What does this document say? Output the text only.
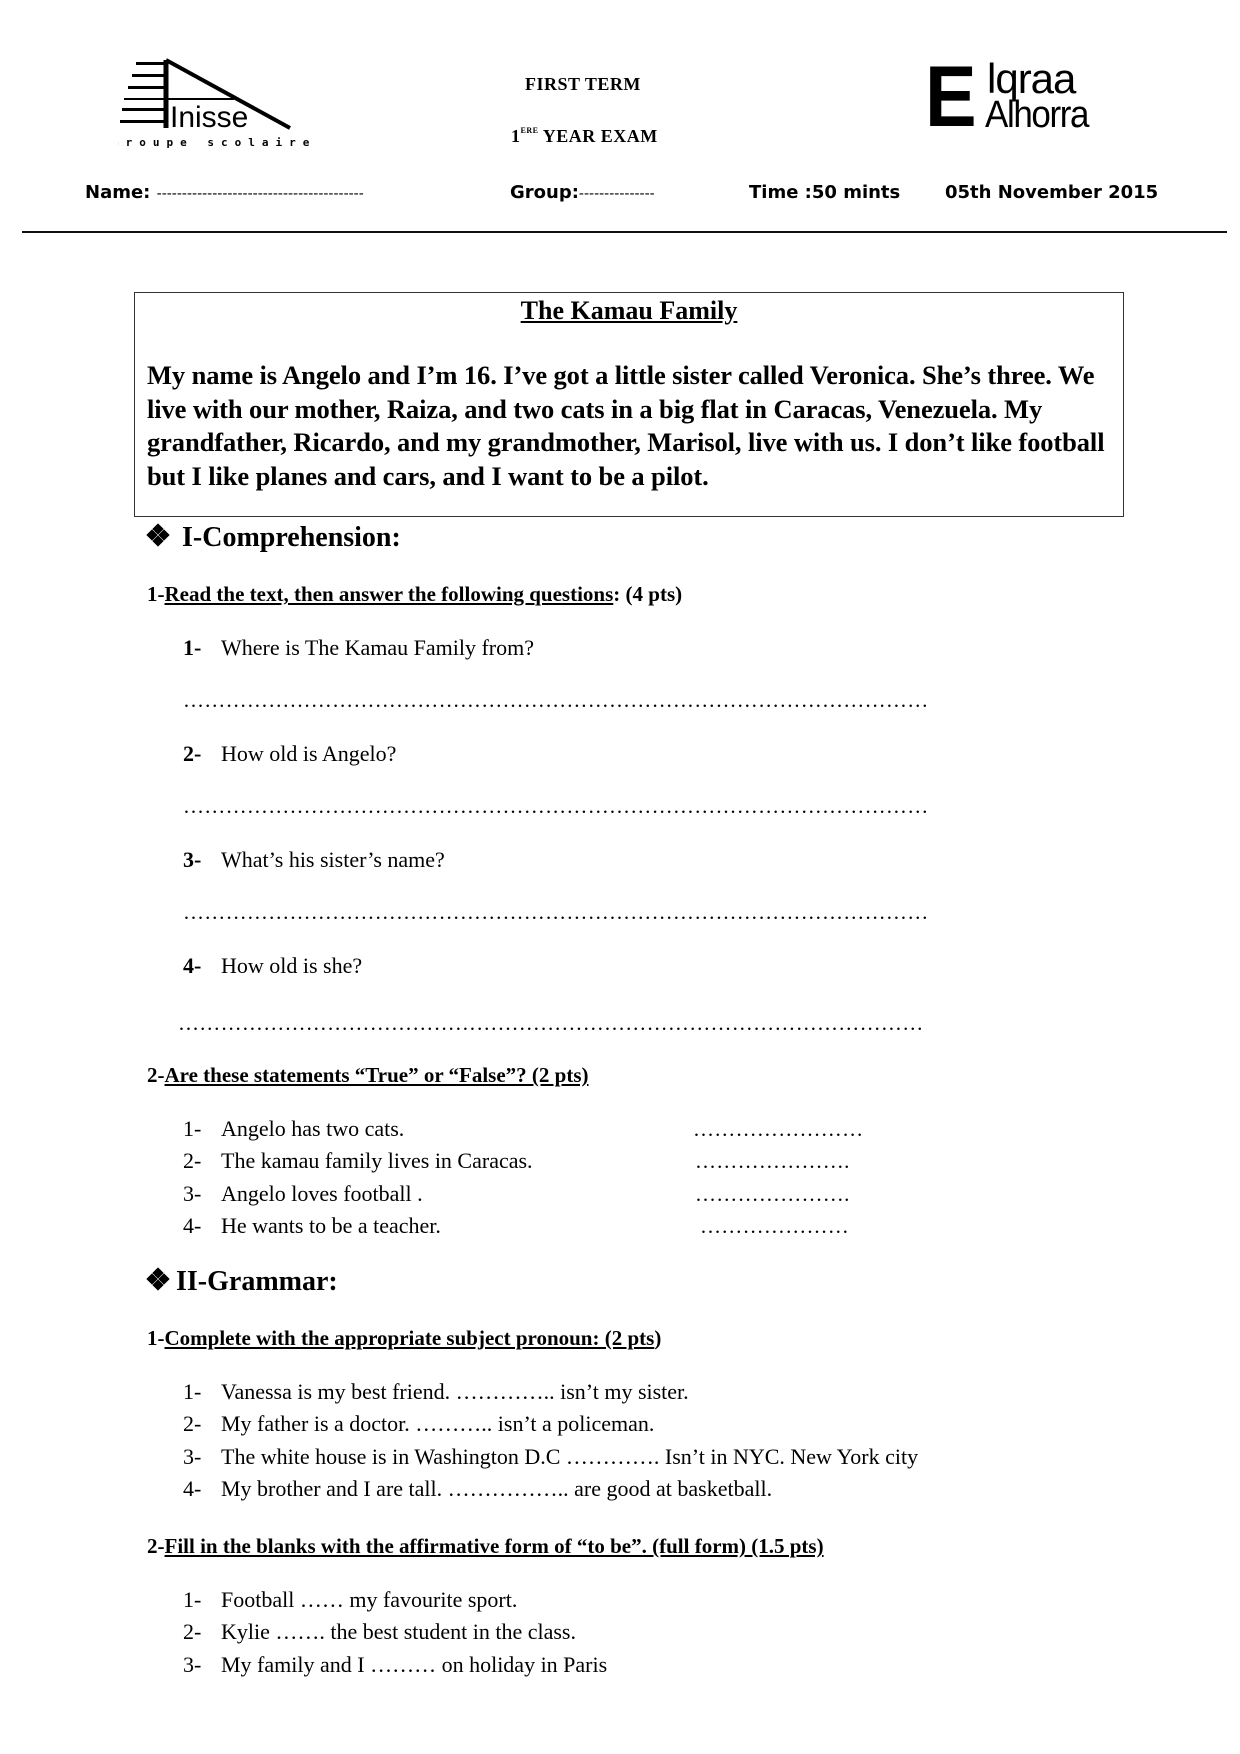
Inisse
Groupe scolaire
FIRST TERM
1ERE YEAR EXAM	E lqraa
Alhorra
Name: -----------------------------------------	Group:---------------	Time :50 mints 05th November 2015
The Kamau Family
My name is Angelo and I’m 16. I’ve got a little sister called Veronica. She’s three. We live with our mother, Raiza, and two cats in a big flat in Caracas, Venezuela. My grandfather, Ricardo, and my grandmother, Marisol, live with us. I don’t like football but I like planes and cars, and I want to be a pilot.
I-Comprehension:
1-Read the text, then answer the following questions: (4 pts)
1- Where is The Kamau Family from?
……………………………………………………………………………………………
2- How old is Angelo?
……………………………………………………………………………………………
3- What’s his sister’s name?
……………………………………………………………………………………………
4- How old is she?
……………………………………………………………………………………………
2-Are these statements “True” or “False”? (2 pts)
1- Angelo has two cats.	……………………
2- The kamau family lives in Caracas.	………………….
3- Angelo loves football .	………………….
4- He wants to be a teacher.	…………………
II-Grammar:
1-Complete with the appropriate subject pronoun: (2 pts)
1- Vanessa is my best friend. ………….. isn’t my sister.
2- My father is a doctor. ……….. isn’t a policeman.
3- The white house is in Washington D.C …………. Isn’t in NYC. New York city
4- My brother and I are tall. …………….. are good at basketball.
2-Fill in the blanks with the affirmative form of “to be”. (full form) (1.5 pts)
1- Football …… my favourite sport.
2- Kylie ……. the best student in the class.
3- My family and I ……… on holiday in Paris
